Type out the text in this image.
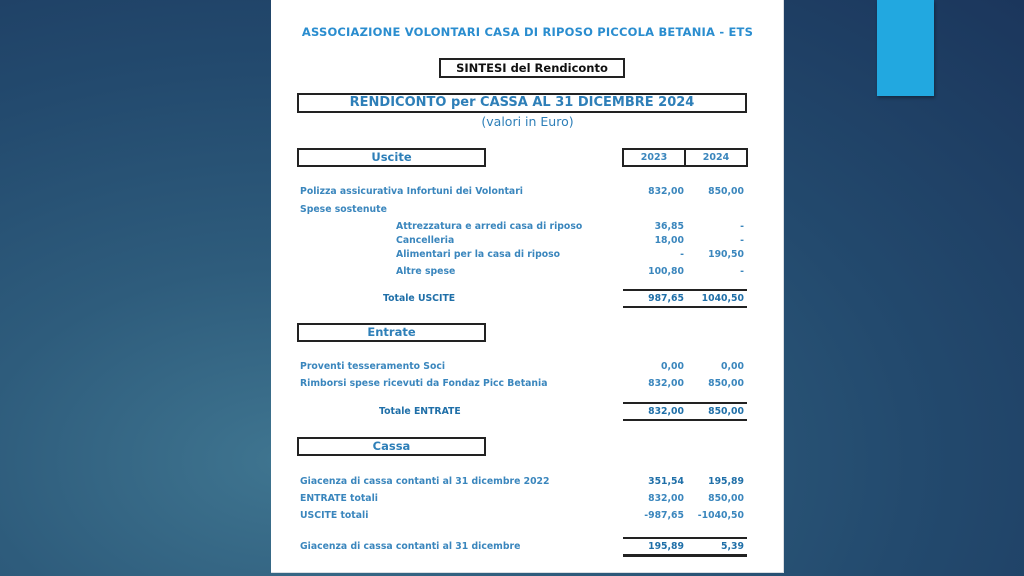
ASSOCIAZIONE VOLONTARI CASA DI RIPOSO PICCOLA BETANIA - ETS
SINTESI del Rendiconto
RENDICONTO per CASSA AL 31 DICEMBRE 2024
(valori in Euro)
Uscite	2023	2024
Polizza assicurativa Infortuni dei Volontari	832,00	850,00
Spese sostenute
Attrezzatura e arredi casa di riposo	36,85	-
Cancelleria	18,00	-
Alimentari per la casa di riposo	-	190,50
Altre spese	100,80	-
Totale USCITE	987,65	1040,50
Entrate
Proventi tesseramento Soci	0,00	0,00
Rimborsi spese ricevuti da Fondaz Picc Betania	832,00	850,00
Totale ENTRATE	832,00	850,00
Cassa
Giacenza di cassa contanti al 31 dicembre 2022	351,54	195,89
ENTRATE totali	832,00	850,00
USCITE totali	-987,65	-1040,50
Giacenza di cassa contanti al 31 dicembre	195,89	5,39
